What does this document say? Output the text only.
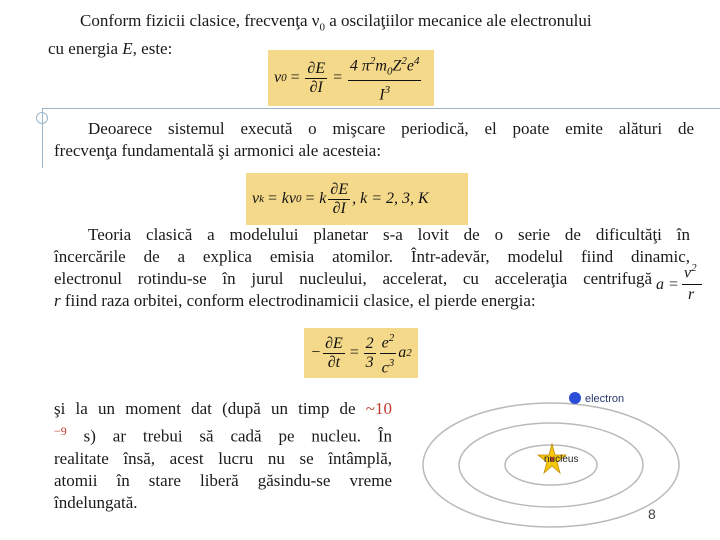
Conform fizicii clasice, frecvenţa $\nu_0$ a oscilaţiilor mecanice ale electronului
cu energia E, este:
ν $0 = \frac{\partial E}{\partial I} = \frac{4 \pi^2m_0Z^2e^4}{I^3}$
Deoarece sistemul execută o mişcare periodică, el poate emite alături de
frecvenţa fundamentală şi armonici ale acesteia:
ν k = kν 0 = k $\frac{\partial E}{\partial I}$ , k = 2, 3, K
Teoria clasică a modelului planetar s-a lovit de o serie de dificultăţi în
încercările de a explica emisia atomilor. Într-adevăr, modelul fiind dinamic,
electronul rotindu-se în jurul nucleului, accelerat, cu acceleraţia centrifugă
r fiind raza orbitei, conform electrodinamicii clasice, el pierde energia:
a =
$v^2$
r
− $\frac{\partial E}{\partial t} = \frac{2}{3} \frac{e^2}{c^3}$ a 2
şi la un moment dat (după un timp de ~10
$^{-9}$ s) ar trebui să cadă pe nucleu. În
realitate însă, acest lucru nu se întâmplă,
atomii în stare liberă găsindu-se vreme
îndelungată.
electron
nucleus
8
